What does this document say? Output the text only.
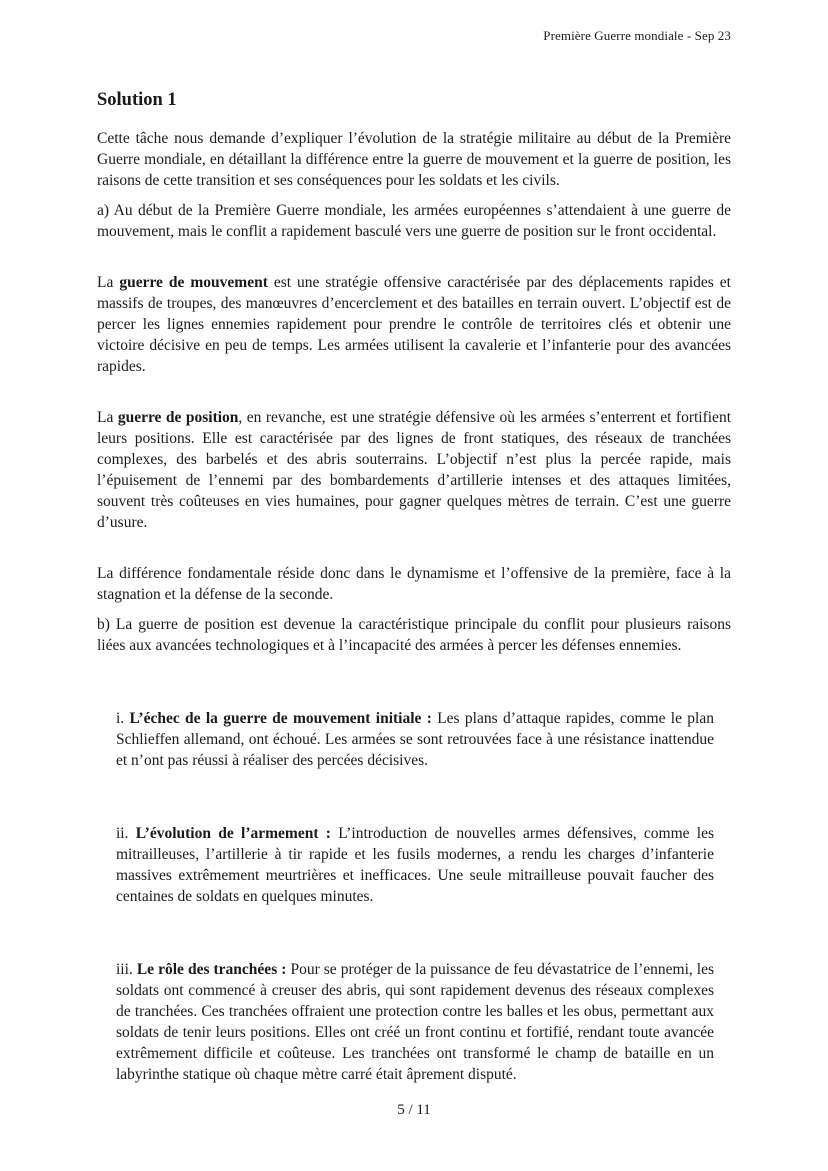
Première Guerre mondiale - Sep 23
Solution 1

Cette tâche nous demande d’expliquer l’évolution de la stratégie militaire au début de la Première Guerre mondiale, en détaillant la différence entre la guerre de mouvement et la guerre de position, les raisons de cette transition et ses conséquences pour les soldats et les civils.

a) Au début de la Première Guerre mondiale, les armées européennes s’attendaient à une guerre de mouvement, mais le conflit a rapidement basculé vers une guerre de position sur le front occidental.

La guerre de mouvement est une stratégie offensive caractérisée par des déplacements rapides et massifs de troupes, des manœuvres d’encerclement et des batailles en terrain ouvert. L’objectif est de percer les lignes ennemies rapidement pour prendre le contrôle de territoires clés et obtenir une victoire décisive en peu de temps. Les armées utilisent la cavalerie et l’infanterie pour des avancées rapides.

La guerre de position, en revanche, est une stratégie défensive où les armées s’enterrent et fortifient leurs positions. Elle est caractérisée par des lignes de front statiques, des réseaux de tranchées complexes, des barbelés et des abris souterrains. L’objectif n’est plus la percée rapide, mais l’épuisement de l’ennemi par des bombardements d’artillerie intenses et des attaques limitées, souvent très coûteuses en vies humaines, pour gagner quelques mètres de terrain. C’est une guerre d’usure.

La différence fondamentale réside donc dans le dynamisme et l’offensive de la première, face à la stagnation et la défense de la seconde.

b) La guerre de position est devenue la caractéristique principale du conflit pour plusieurs raisons liées aux avancées technologiques et à l’incapacité des armées à percer les défenses ennemies.

i. L’échec de la guerre de mouvement initiale : Les plans d’attaque rapides, comme le plan Schlieffen allemand, ont échoué. Les armées se sont retrouvées face à une résistance inattendue et n’ont pas réussi à réaliser des percées décisives.

ii. L’évolution de l’armement : L’introduction de nouvelles armes défensives, comme les mitrailleuses, l’artillerie à tir rapide et les fusils modernes, a rendu les charges d’infanterie massives extrêmement meurtrières et inefficaces. Une seule mitrailleuse pouvait faucher des centaines de soldats en quelques minutes.

iii. Le rôle des tranchées : Pour se protéger de la puissance de feu dévastatrice de l’ennemi, les soldats ont commencé à creuser des abris, qui sont rapidement devenus des réseaux complexes de tranchées. Ces tranchées offraient une protection contre les balles et les obus, permettant aux soldats de tenir leurs positions. Elles ont créé un front continu et fortifié, rendant toute avancée extrêmement difficile et coûteuse. Les tranchées ont transformé le champ de bataille en un labyrinthe statique où chaque mètre carré était âprement disputé.

5 / 11
